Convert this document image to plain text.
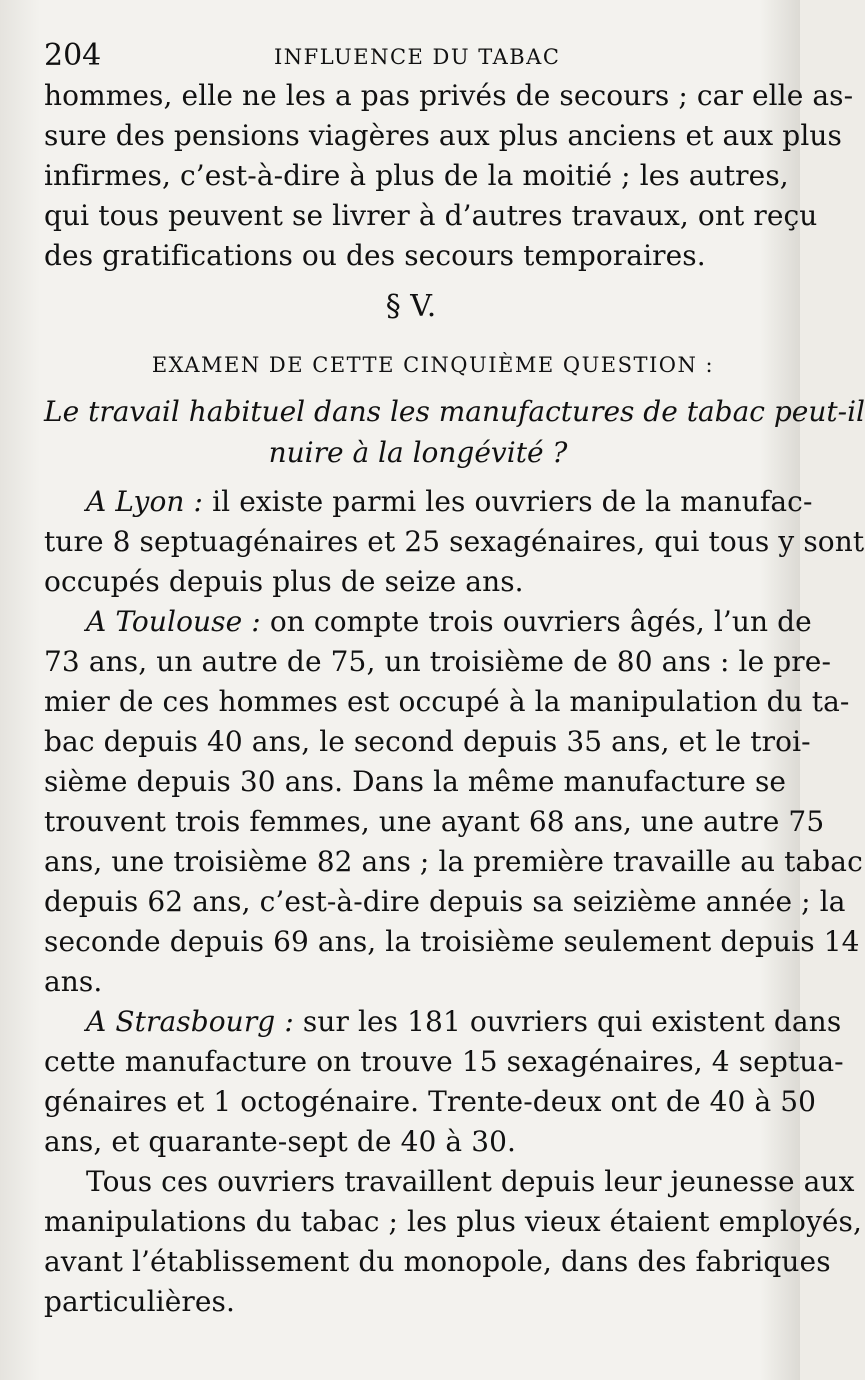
204	INFLUENCE DU TABAC
hommes, elle ne les a pas privés de secours ; car elle as-
sure des pensions viagères aux plus anciens et aux plus
infirmes, c’est-à-dire à plus de la moitié ; les autres,
qui tous peuvent se livrer à d’autres travaux, ont reçu
des gratifications ou des secours temporaires.
§ V.
EXAMEN DE CETTE CINQUIÈME QUESTION :
Le travail habituel dans les manufactures de tabac peut-il
nuire à la longévité ?
A Lyon : il existe parmi les ouvriers de la manufac-
ture 8 septuagénaires et 25 sexagénaires, qui tous y sont
occupés depuis plus de seize ans.
A Toulouse : on compte trois ouvriers âgés, l’un de
73 ans, un autre de 75, un troisième de 80 ans : le pre-
mier de ces hommes est occupé à la manipulation du ta-
bac depuis 40 ans, le second depuis 35 ans, et le troi-
sième depuis 30 ans. Dans la même manufacture se
trouvent trois femmes, une ayant 68 ans, une autre 75
ans, une troisième 82 ans ; la première travaille au tabac
depuis 62 ans, c’est-à-dire depuis sa seizième année ; la
seconde depuis 69 ans, la troisième seulement depuis 14
ans.
A Strasbourg : sur les 181 ouvriers qui existent dans
cette manufacture on trouve 15 sexagénaires, 4 septua-
génaires et 1 octogénaire. Trente-deux ont de 40 à 50
ans, et quarante-sept de 40 à 30.
Tous ces ouvriers travaillent depuis leur jeunesse aux
manipulations du tabac ; les plus vieux étaient employés,
avant l’établissement du monopole, dans des fabriques
particulières.
